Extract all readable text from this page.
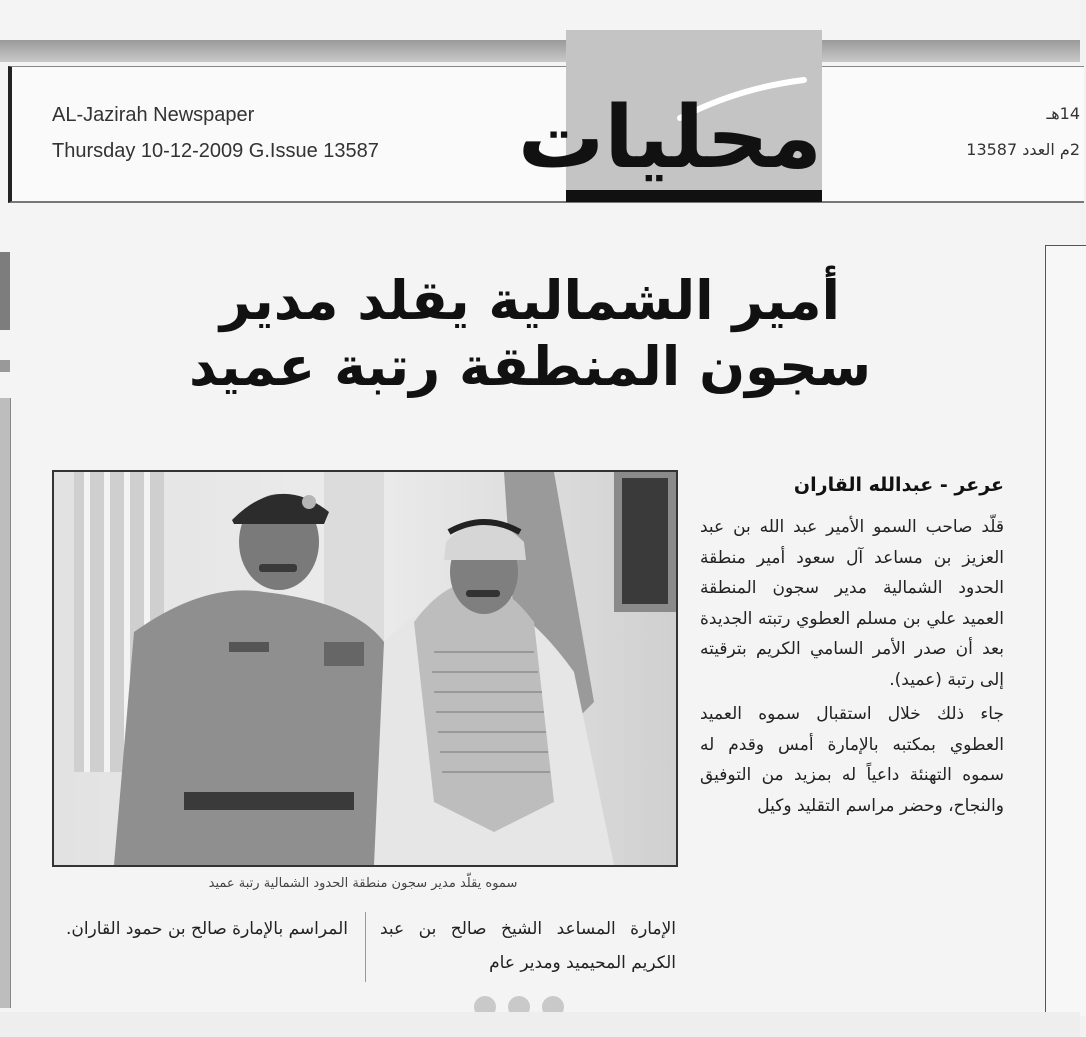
AL-Jazirah Newspaper
Thursday 10-12-2009 G.Issue 13587
14هـ
2م العدد 13587
محليات
أمير الشمالية يقلد مدير سجون المنطقة رتبة عميد
عرعر - عبدالله القاران
قلّد صاحب السمو الأمير عبد الله بن عبد العزيز بن مساعد آل سعود أمير منطقة الحدود الشمالية مدير سجون المنطقة العميد علي بن مسلم العطوي رتبته الجديدة بعد أن صدر الأمر السامي الكريم بترقيته إلى رتبة (عميد).
جاء ذلك خلال استقبال سموه العميد العطوي بمكتبه بالإمارة أمس وقدم له سموه التهنئة داعياً له بمزيد من التوفيق والنجاح، وحضر مراسم التقليد وكيل
سموه يقلّد مدير سجون منطقة الحدود الشمالية رتبة عميد
الإمارة المساعد الشيخ صالح بن عبد الكريم المحيميد ومدير عام
المراسم بالإمارة صالح بن حمود القاران.
